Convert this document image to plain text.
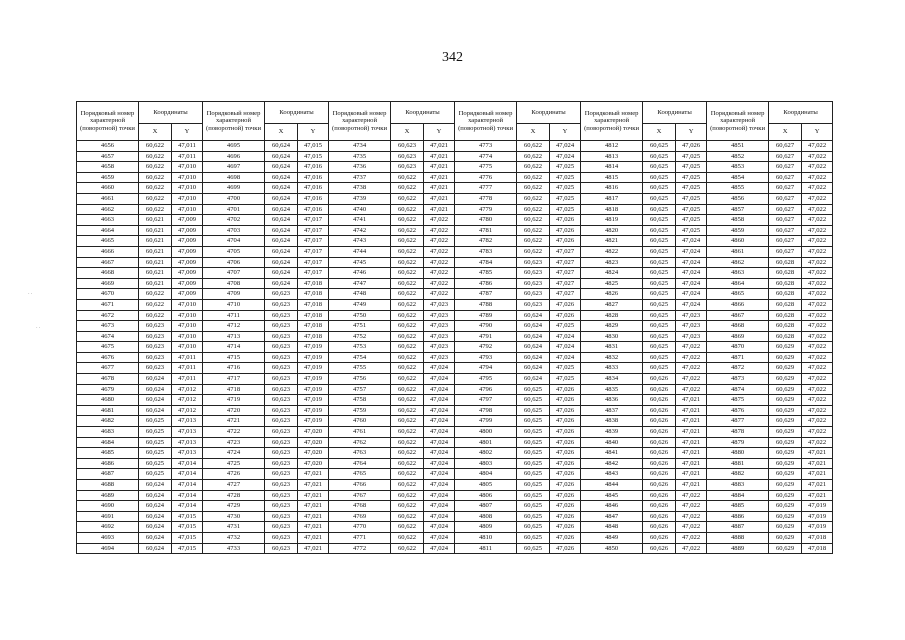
342
· ·
· ·
Порядковый номер характерной (поворотной) точки	Координаты		Порядковый номер характерной (поворотной) точки	Координаты		Порядковый номер характерной (поворотной) точки	Координаты		Порядковый номер характерной (поворотной) точки	Координаты		Порядковый номер характерной (поворотной) точки	Координаты		Порядковый номер характерной (поворотной) точки	Координаты	
	X	Y		X	Y		X	Y		X	Y		X	Y		X	Y
4656	60,622	47,011	4695	60,624	47,015	4734	60,623	47,021	4773	60,622	47,024	4812	60,625	47,026	4851	60,627	47,022
4657	60,622	47,011	4696	60,624	47,015	4735	60,623	47,021	4774	60,622	47,024	4813	60,625	47,025	4852	60,627	47,022
4658	60,622	47,010	4697	60,624	47,016	4736	60,623	47,021	4775	60,622	47,025	4814	60,625	47,025	4853	60,627	47,022
4659	60,622	47,010	4698	60,624	47,016	4737	60,622	47,021	4776	60,622	47,025	4815	60,625	47,025	4854	60,627	47,022
4660	60,622	47,010	4699	60,624	47,016	4738	60,622	47,021	4777	60,622	47,025	4816	60,625	47,025	4855	60,627	47,022
4661	60,622	47,010	4700	60,624	47,016	4739	60,622	47,021	4778	60,622	47,025	4817	60,625	47,025	4856	60,627	47,022
4662	60,622	47,010	4701	60,624	47,016	4740	60,622	47,021	4779	60,622	47,025	4818	60,625	47,025	4857	60,627	47,022
4663	60,621	47,009	4702	60,624	47,017	4741	60,622	47,022	4780	60,622	47,026	4819	60,625	47,025	4858	60,627	47,022
4664	60,621	47,009	4703	60,624	47,017	4742	60,622	47,022	4781	60,622	47,026	4820	60,625	47,025	4859	60,627	47,022
4665	60,621	47,009	4704	60,624	47,017	4743	60,622	47,022	4782	60,622	47,026	4821	60,625	47,024	4860	60,627	47,022
4666	60,621	47,009	4705	60,624	47,017	4744	60,622	47,022	4783	60,622	47,027	4822	60,625	47,024	4861	60,627	47,022
4667	60,621	47,009	4706	60,624	47,017	4745	60,622	47,022	4784	60,623	47,027	4823	60,625	47,024	4862	60,628	47,022
4668	60,621	47,009	4707	60,624	47,017	4746	60,622	47,022	4785	60,623	47,027	4824	60,625	47,024	4863	60,628	47,022
4669	60,621	47,009	4708	60,624	47,018	4747	60,622	47,022	4786	60,623	47,027	4825	60,625	47,024	4864	60,628	47,022
4670	60,622	47,009	4709	60,623	47,018	4748	60,622	47,022	4787	60,623	47,027	4826	60,625	47,024	4865	60,628	47,022
4671	60,622	47,010	4710	60,623	47,018	4749	60,622	47,023	4788	60,623	47,026	4827	60,625	47,024	4866	60,628	47,022
4672	60,622	47,010	4711	60,623	47,018	4750	60,622	47,023	4789	60,624	47,026	4828	60,625	47,023	4867	60,628	47,022
4673	60,623	47,010	4712	60,623	47,018	4751	60,622	47,023	4790	60,624	47,025	4829	60,625	47,023	4868	60,628	47,022
4674	60,623	47,010	4713	60,623	47,018	4752	60,622	47,023	4791	60,624	47,024	4830	60,625	47,023	4869	60,628	47,022
4675	60,623	47,010	4714	60,623	47,019	4753	60,622	47,023	4792	60,624	47,024	4831	60,625	47,022	4870	60,629	47,022
4676	60,623	47,011	4715	60,623	47,019	4754	60,622	47,023	4793	60,624	47,024	4832	60,625	47,022	4871	60,629	47,022
4677	60,623	47,011	4716	60,623	47,019	4755	60,622	47,024	4794	60,624	47,025	4833	60,625	47,022	4872	60,629	47,022
4678	60,624	47,011	4717	60,623	47,019	4756	60,622	47,024	4795	60,624	47,025	4834	60,626	47,022	4873	60,629	47,022
4679	60,624	47,012	4718	60,623	47,019	4757	60,622	47,024	4796	60,625	47,026	4835	60,626	47,022	4874	60,629	47,022
4680	60,624	47,012	4719	60,623	47,019	4758	60,622	47,024	4797	60,625	47,026	4836	60,626	47,021	4875	60,629	47,022
4681	60,624	47,012	4720	60,623	47,019	4759	60,622	47,024	4798	60,625	47,026	4837	60,626	47,021	4876	60,629	47,022
4682	60,625	47,013	4721	60,623	47,019	4760	60,622	47,024	4799	60,625	47,026	4838	60,626	47,021	4877	60,629	47,022
4683	60,625	47,013	4722	60,623	47,020	4761	60,622	47,024	4800	60,625	47,026	4839	60,626	47,021	4878	60,629	47,022
4684	60,625	47,013	4723	60,623	47,020	4762	60,622	47,024	4801	60,625	47,026	4840	60,626	47,021	4879	60,629	47,022
4685	60,625	47,013	4724	60,623	47,020	4763	60,622	47,024	4802	60,625	47,026	4841	60,626	47,021	4880	60,629	47,021
4686	60,625	47,014	4725	60,623	47,020	4764	60,622	47,024	4803	60,625	47,026	4842	60,626	47,021	4881	60,629	47,021
4687	60,625	47,014	4726	60,623	47,021	4765	60,622	47,024	4804	60,625	47,026	4843	60,626	47,021	4882	60,629	47,021
4688	60,624	47,014	4727	60,623	47,021	4766	60,622	47,024	4805	60,625	47,026	4844	60,626	47,021	4883	60,629	47,021
4689	60,624	47,014	4728	60,623	47,021	4767	60,622	47,024	4806	60,625	47,026	4845	60,626	47,022	4884	60,629	47,021
4690	60,624	47,014	4729	60,623	47,021	4768	60,622	47,024	4807	60,625	47,026	4846	60,626	47,022	4885	60,629	47,019
4691	60,624	47,015	4730	60,623	47,021	4769	60,622	47,024	4808	60,625	47,026	4847	60,626	47,022	4886	60,629	47,019
4692	60,624	47,015	4731	60,623	47,021	4770	60,622	47,024	4809	60,625	47,026	4848	60,626	47,022	4887	60,629	47,019
4693	60,624	47,015	4732	60,623	47,021	4771	60,622	47,024	4810	60,625	47,026	4849	60,626	47,022	4888	60,629	47,018
4694	60,624	47,015	4733	60,623	47,021	4772	60,622	47,024	4811	60,625	47,026	4850	60,626	47,022	4889	60,629	47,018
